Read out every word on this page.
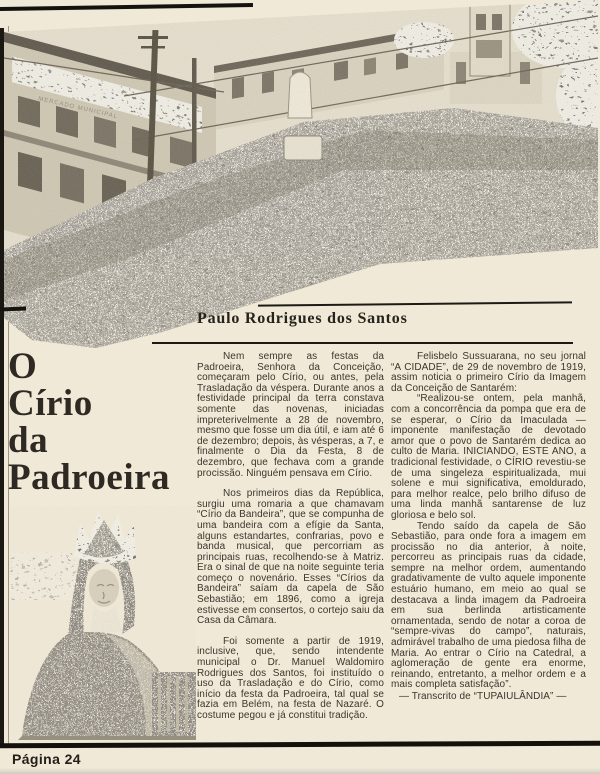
Paulo Rodrigues dos Santos
O
Círio
da
Padroeira

Nem sempre as festas da Padroeira, Senhora da Conceição, começaram pelo Círio, ou antes, pela Trasladação da véspera. Durante anos a festividade principal da terra constava somente das novenas, iniciadas impreterivelmente a 28 de novembro, mesmo que fosse um dia útil, e iam até 6 de dezembro; depois, às vésperas, a 7, e finalmente o Dia da Festa, 8 de dezembro, que fechava com a grande procissão. Ninguém pensava em Círio.

Nos primeiros dias da República, surgiu uma romaria a que chamavam “Círio da Bandeira”, que se compunha de uma bandeira com a efígie da Santa, alguns estandartes, confrarias, povo e banda musical, que percorriam as principais ruas, recolhendo-se à Matriz. Era o sinal de que na noite seguinte teria começo o novenário. Esses “Círios da Bandeira” saíam da capela de São Sebastião; em 1896, como a igreja estivesse em consertos, o cortejo saiu da Casa da Câmara.

Foi somente a partir de 1919, inclusive, que, sendo intendente municipal o Dr. Manuel Waldomiro Rodrigues dos Santos, foi instituído o uso da Trasladação e do Círio, como início da festa da Padroeira, tal qual se fazia em Belém, na festa de Nazaré. O costume pegou e já constitui tradição.

Felisbelo Sussuarana, no seu jornal “A CIDADE”, de 29 de novembro de 1919, assim noticia o primeiro Círio da Imagem da Conceição de Santarém:

“Realizou-se ontem, pela manhã, com a concorrência da pompa que era de se esperar, o Círio da Imaculada — imponente manifestação de devotado amor que o povo de Santarém dedica ao culto de Maria. INICIANDO, ESTE ANO, a tradicional festividade, o CÍRIO revestiu-se de uma singeleza espiritualizada, mui solene e mui significativa, emoldurado, para melhor realce, pelo brilho difuso de uma linda manhã santarense de luz gloriosa e belo sol.

Tendo saído da capela de São Sebastião, para onde fora a imagem em procissão no dia anterior, à noite, percorreu as principais ruas da cidade, sempre na melhor ordem, aumentando gradativamente de vulto aquele imponente estuário humano, em meio ao qual se destacava a linda imagem da Padroeira em sua berlinda artisticamente ornamentada, sendo de notar a coroa de “sempre-vivas do campo”, naturais, admirável trabalho de uma piedosa filha de Maria. Ao entrar o Círio na Catedral, a aglomeração de gente era enorme, reinando, entretanto, a melhor ordem e a mais completa satisfação”.

— Transcrito de “TUPAIULÂNDIA” —

Página 24
